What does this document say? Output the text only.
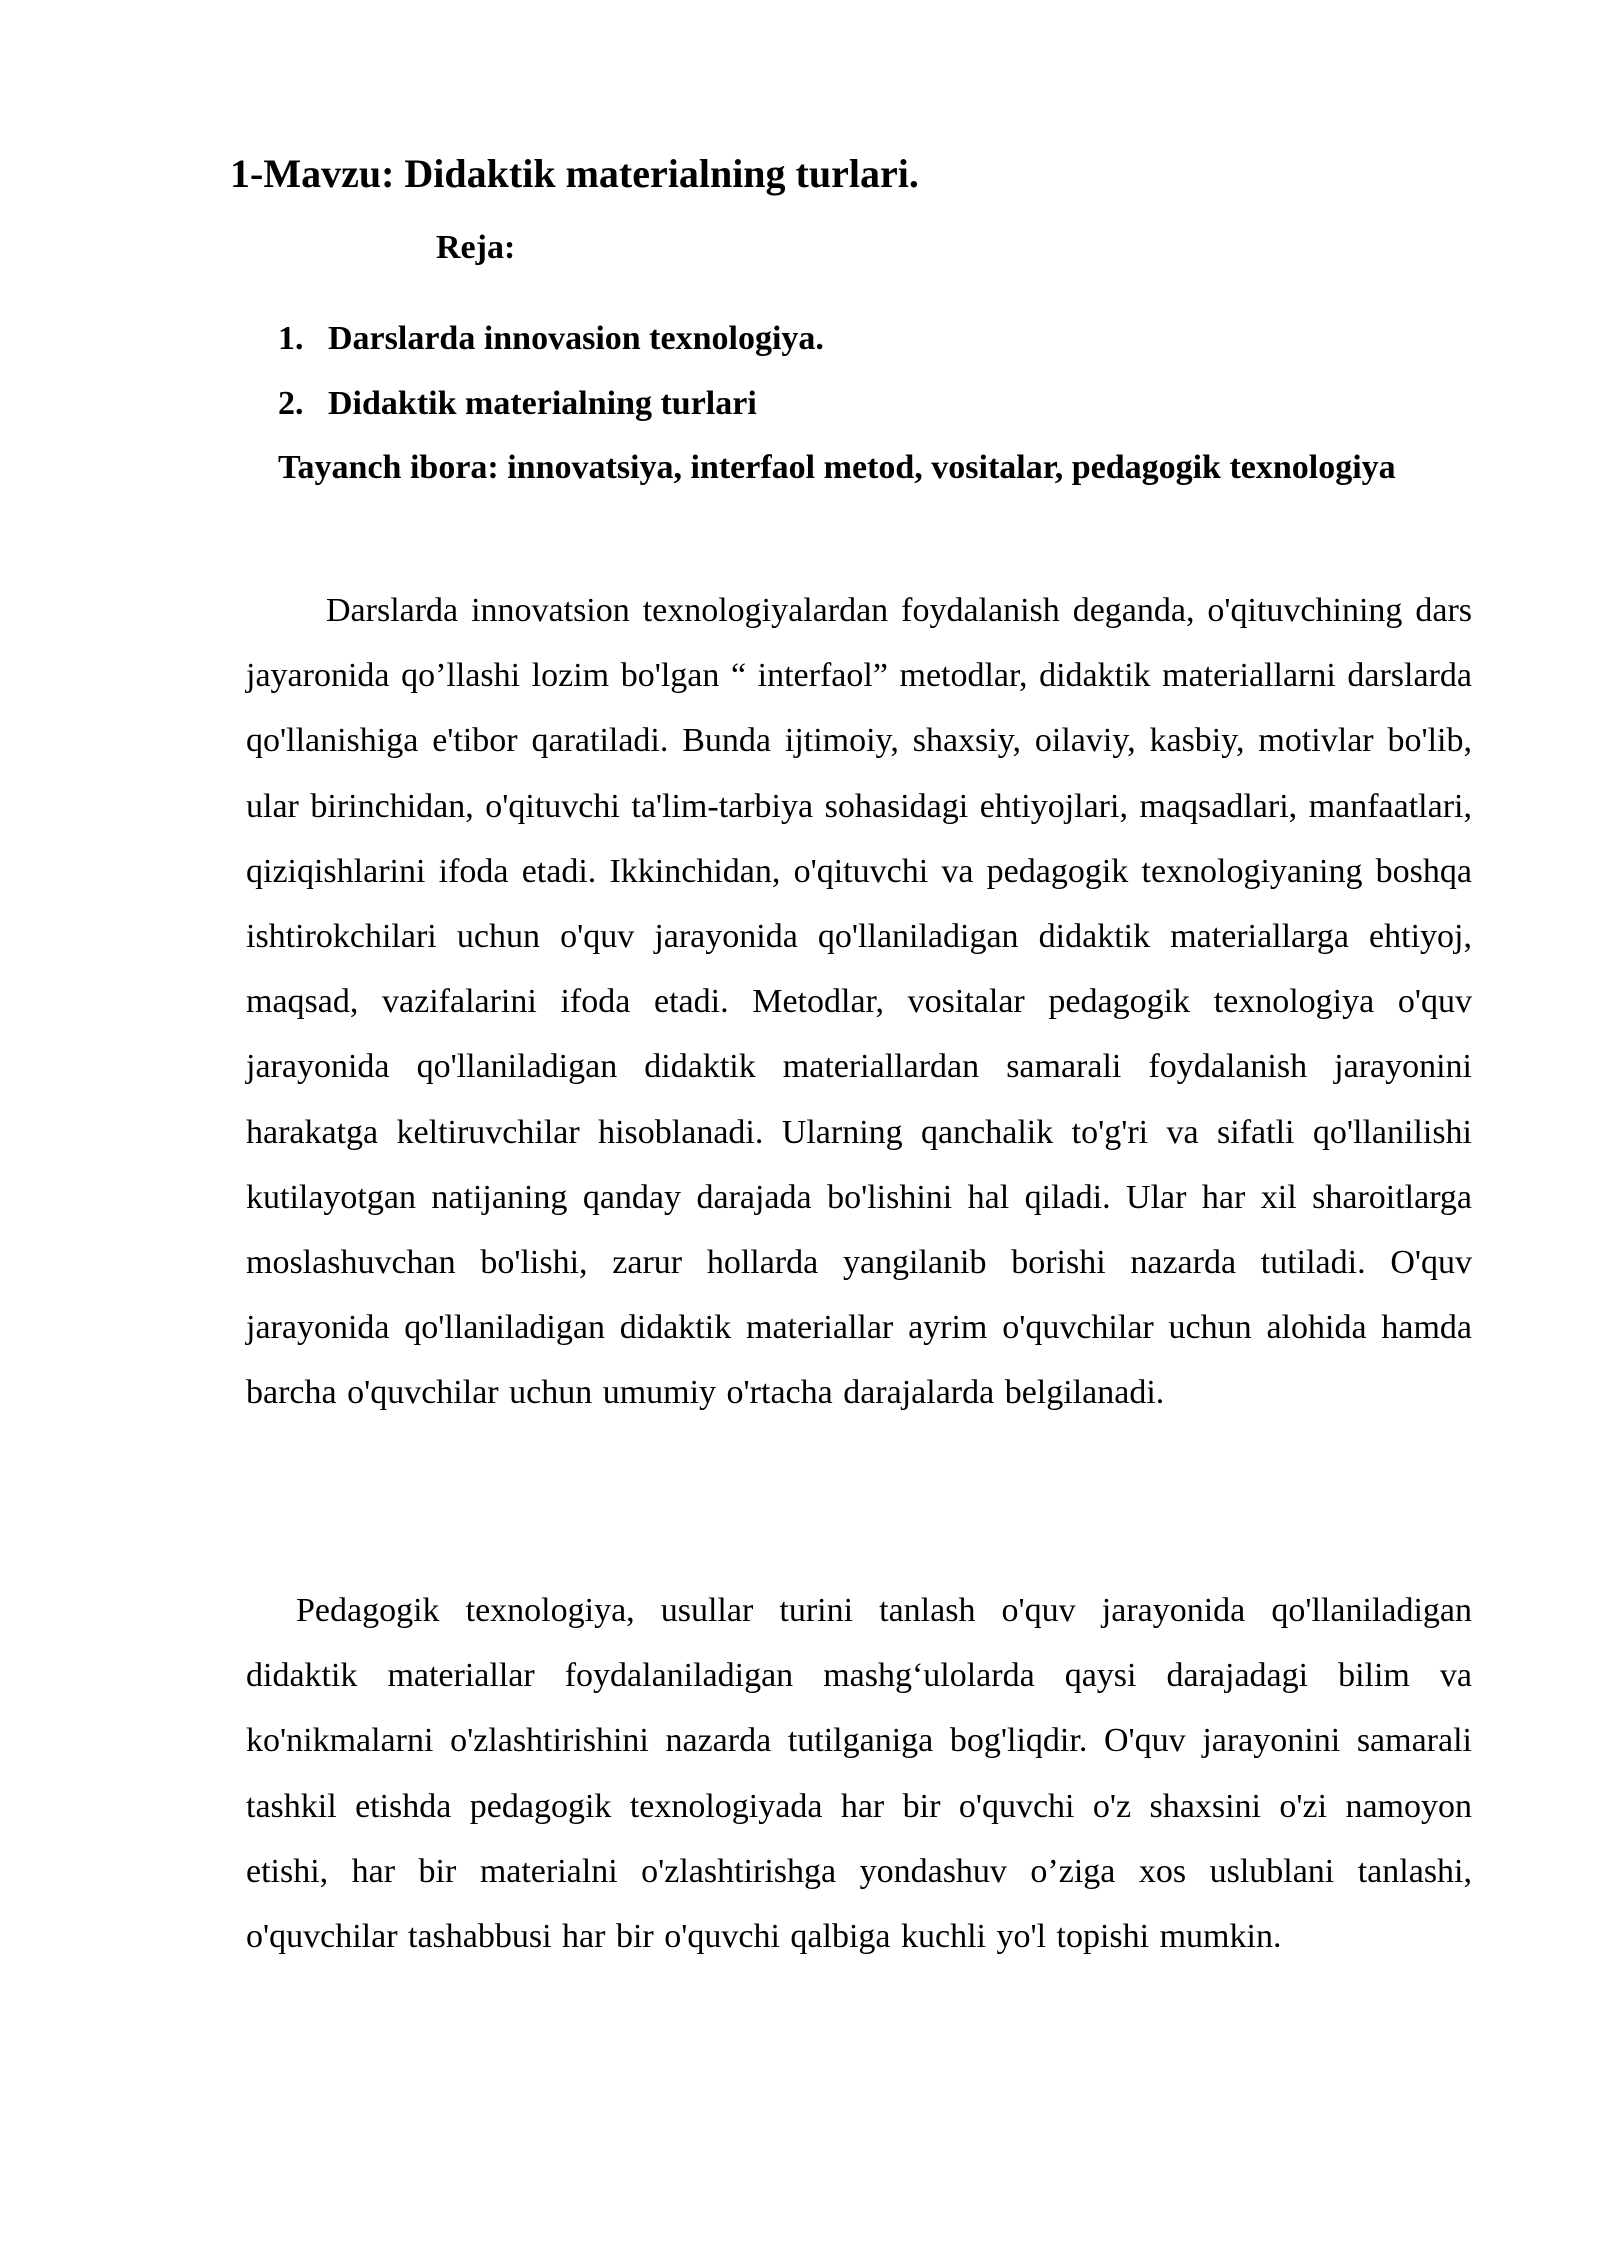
1-Mavzu: Didaktik materialning turlari.
Reja:
1. Darslarda innovasion texnologiya.
2. Didaktik materialning turlari

Tayanch ibora: innovatsiya, interfaol metod, vositalar, pedagogik texnologiya

Darslarda innovatsion texnologiyalardan foydalanish deganda, o'qituvchining dars jayaronida qo’llashi lozim bo'lgan “ interfaol” metodlar, didaktik materiallarni darslarda qo'llanishiga e'tibor qaratiladi. Bunda ijtimoiy, shaxsiy, oilaviy, kasbiy, motivlar bo'lib, ular birinchidan, o'qituvchi ta'lim-tarbiya sohasidagi ehtiyojlari, maqsadlari, manfaatlari, qiziqishlarini ifoda etadi. Ikkinchidan, o'qituvchi va pedagogik texnologiyaning boshqa ishtirokchilari uchun o'quv jarayonida qo'llaniladigan didaktik materiallarga ehtiyoj, maqsad, vazifalarini ifoda etadi. Metodlar, vositalar pedagogik texnologiya o'quv jarayonida qo'llaniladigan didaktik materiallardan samarali foydalanish jarayonini harakatga keltiruvchilar hisoblanadi. Ularning qanchalik to'g'ri va sifatli qo'llanilishi kutilayotgan natijaning qanday darajada bo'lishini hal qiladi. Ular har xil sharoitlarga moslashuvchan bo'lishi, zarur hollarda yangilanib borishi nazarda tutiladi. O'quv jarayonida qo'llaniladigan didaktik materiallar ayrim o'quvchilar uchun alohida hamda barcha o'quvchilar uchun umumiy o'rtacha darajalarda belgilanadi.

Pedagogik texnologiya, usullar turini tanlash o'quv jarayonida qo'llaniladigan didaktik materiallar foydalaniladigan mashg‘ulolarda qaysi darajadagi bilim va ko'nikmalarni o'zlashtirishini nazarda tutilganiga bog'liqdir. O'quv jarayonini samarali tashkil etishda pedagogik texnologiyada har bir o'quvchi o'z shaxsini o'zi namoyon etishi, har bir materialni o'zlashtirishga yondashuv o’ziga xos uslublani tanlashi, o'quvchilar tashabbusi har bir o'quvchi qalbiga kuchli yo'l topishi mumkin.
